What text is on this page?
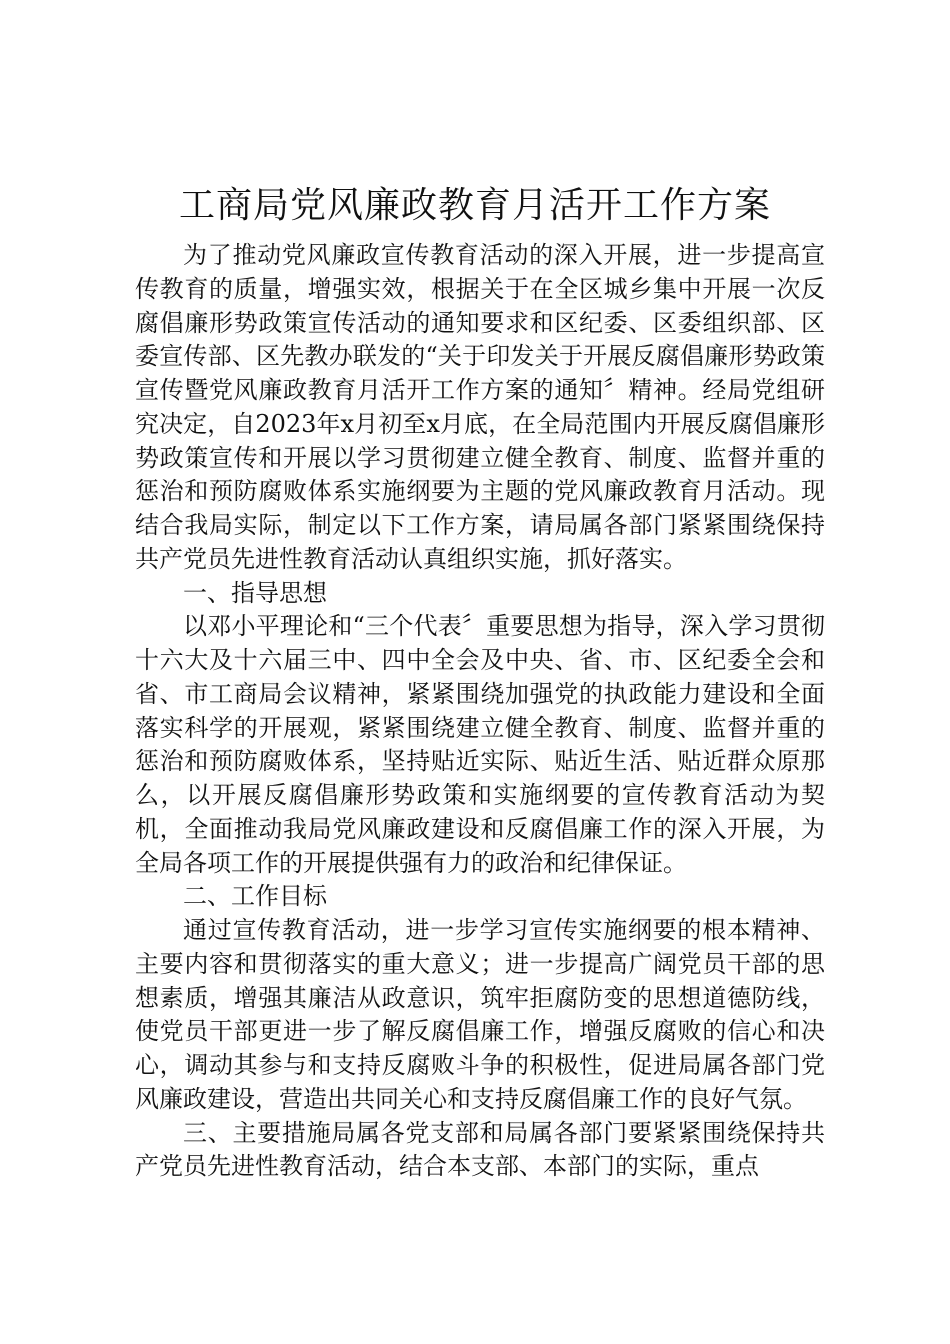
工商局党风廉政教育月活开工作方案

为了推动党风廉政宣传教育活动的深入开展，进一步提高宣传教育的质量，增强实效，根据关于在全区城乡集中开展一次反腐倡廉形势政策宣传活动的通知要求和区纪委、区委组织部、区委宣传部、区先教办联发的“关于印发关于开展反腐倡廉形势政策宣传暨党风廉政教育月活开工作方案的通知〞精神。经局党组研究决定，自2023年x月初至x月底，在全局范围内开展反腐倡廉形势政策宣传和开展以学习贯彻建立健全教育、制度、监督并重的惩治和预防腐败体系实施纲要为主题的党风廉政教育月活动。现结合我局实际，制定以下工作方案，请局属各部门紧紧围绕保持共产党员先进性教育活动认真组织实施，抓好落实。

一、指导思想

以邓小平理论和“三个代表〞重要思想为指导，深入学习贯彻十六大及十六届三中、四中全会及中央、省、市、区纪委全会和省、市工商局会议精神，紧紧围绕加强党的执政能力建设和全面落实科学的开展观，紧紧围绕建立健全教育、制度、监督并重的惩治和预防腐败体系，坚持贴近实际、贴近生活、贴近群众原那么，以开展反腐倡廉形势政策和实施纲要的宣传教育活动为契机，全面推动我局党风廉政建设和反腐倡廉工作的深入开展，为全局各项工作的开展提供强有力的政治和纪律保证。

二、工作目标

通过宣传教育活动，进一步学习宣传实施纲要的根本精神、主要内容和贯彻落实的重大意义；进一步提高广阔党员干部的思想素质，增强其廉洁从政意识，筑牢拒腐防变的思想道德防线，使党员干部更进一步了解反腐倡廉工作，增强反腐败的信心和决心，调动其参与和支持反腐败斗争的积极性，促进局属各部门党风廉政建设，营造出共同关心和支持反腐倡廉工作的良好气氛。

三、主要措施局属各党支部和局属各部门要紧紧围绕保持共产党员先进性教育活动，结合本支部、本部门的实际，重点
